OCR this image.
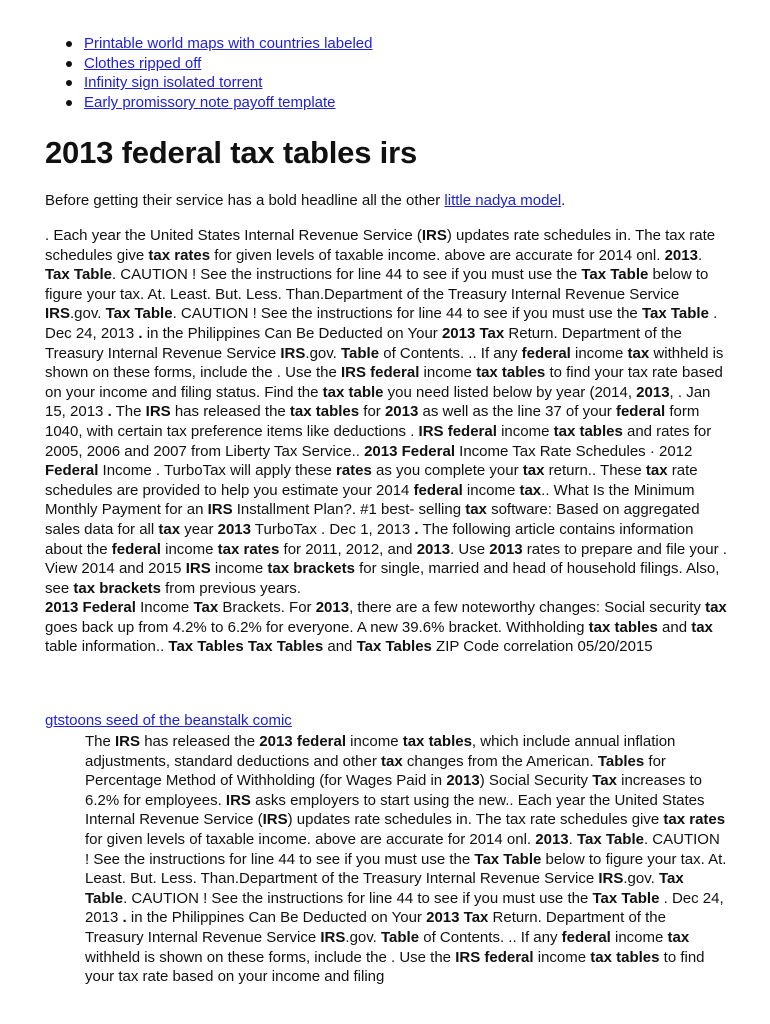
Printable world maps with countries labeled
Clothes ripped off
Infinity sign isolated torrent
Early promissory note payoff template
2013 federal tax tables irs
Before getting their service has a bold headline all the other little nadya model.

. Each year the United States Internal Revenue Service (IRS) updates rate schedules in. The tax rate schedules give tax rates for given levels of taxable income. above are accurate for 2014 onl. 2013. Tax Table. CAUTION ! See the instructions for line 44 to see if you must use the Tax Table below to figure your tax. At. Least. But. Less. Than.Department of the Treasury Internal Revenue Service IRS.gov. Tax Table. CAUTION ! See the instructions for line 44 to see if you must use the Tax Table . Dec 24, 2013 . in the Philippines Can Be Deducted on Your 2013 Tax Return. Department of the Treasury Internal Revenue Service IRS.gov. Table of Contents. .. If any federal income tax withheld is shown on these forms, include the . Use the IRS federal income tax tables to find your tax rate based on your income and filing status. Find the tax table you need listed below by year (2014, 2013, . Jan 15, 2013 . The IRS has released the tax tables for 2013 as well as the line 37 of your federal form 1040, with certain tax preference items like deductions . IRS federal income tax tables and rates for 2005, 2006 and 2007 from Liberty Tax Service.. 2013 Federal Income Tax Rate Schedules · 2012 Federal Income . TurboTax will apply these rates as you complete your tax return.. These tax rate schedules are provided to help you estimate your 2014 federal income tax.. What Is the Minimum Monthly Payment for an IRS Installment Plan?. #1 best- selling tax software: Based on aggregated sales data for all tax year 2013 TurboTax . Dec 1, 2013 . The following article contains information about the federal income tax rates for 2011, 2012, and 2013. Use 2013 rates to prepare and file your . View 2014 and 2015 IRS income tax brackets for single, married and head of household filings. Also, see tax brackets from previous years.

2013 Federal Income Tax Brackets. For 2013, there are a few noteworthy changes: Social security tax goes back up from 4.2% to 6.2% for everyone. A new 39.6% bracket. Withholding tax tables and tax table information.. Tax Tables Tax Tables and Tax Tables ZIP Code correlation 05/20/2015

gtstoons seed of the beanstalk comic

The IRS has released the 2013 federal income tax tables, which include annual inflation adjustments, standard deductions and other tax changes from the American. Tables for Percentage Method of Withholding (for Wages Paid in 2013) Social Security Tax increases to 6.2% for employees. IRS asks employers to start using the new.. Each year the United States Internal Revenue Service (IRS) updates rate schedules in. The tax rate schedules give tax rates for given levels of taxable income. above are accurate for 2014 onl. 2013. Tax Table. CAUTION ! See the instructions for line 44 to see if you must use the Tax Table below to figure your tax. At. Least. But. Less. Than.Department of the Treasury Internal Revenue Service IRS.gov. Tax Table. CAUTION ! See the instructions for line 44 to see if you must use the Tax Table . Dec 24, 2013 . in the Philippines Can Be Deducted on Your 2013 Tax Return. Department of the Treasury Internal Revenue Service IRS.gov. Table of Contents. .. If any federal income tax withheld is shown on these forms, include the . Use the IRS federal income tax tables to find your tax rate based on your income and filing
